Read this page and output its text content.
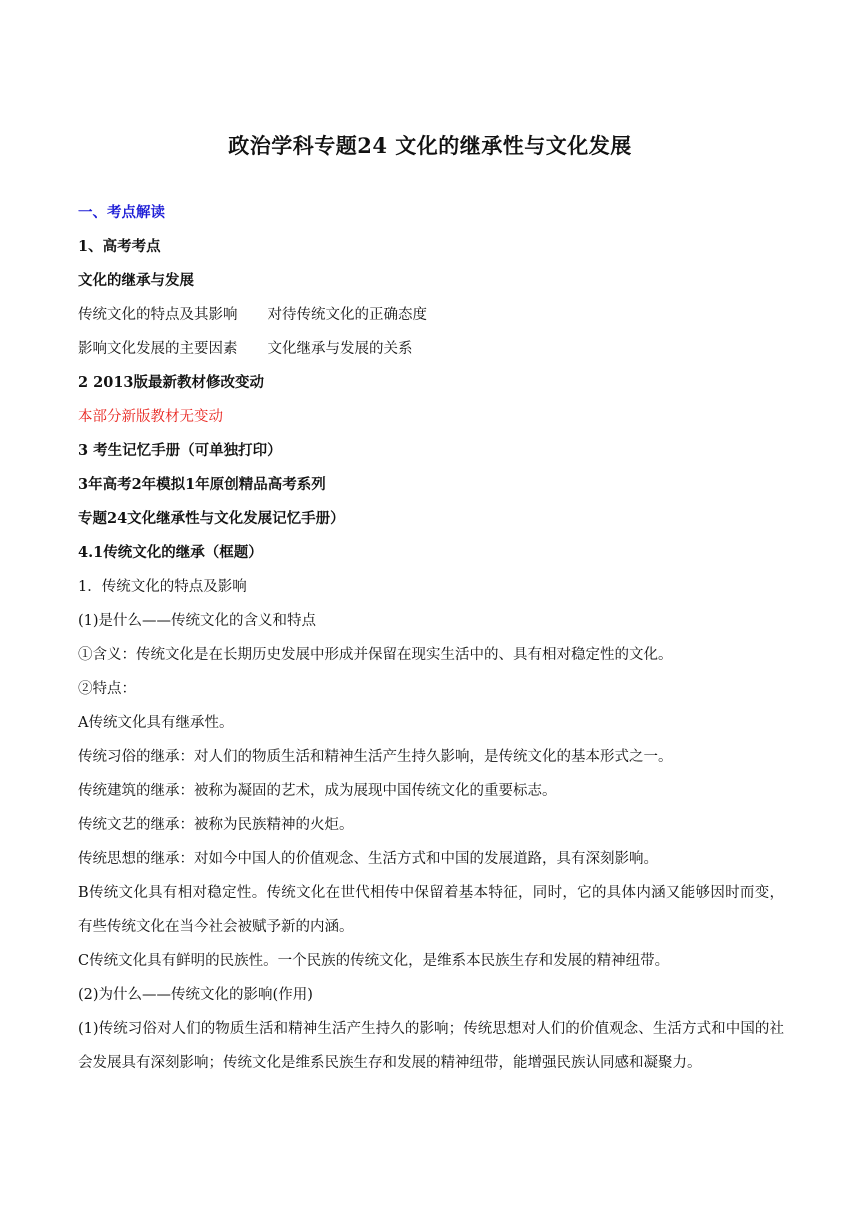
政治学科专题24 文化的继承性与文化发展
一、考点解读
1、高考考点
文化的继承与发展
传统文化的特点及其影响 对待传统文化的正确态度
影响文化发展的主要因素 文化继承与发展的关系
2 2013版最新教材修改变动
本部分新版教材无变动
3 考生记忆手册（可单独打印）
3年高考2年模拟1年原创精品高考系列
专题24文化继承性与文化发展记忆手册）
4.1传统文化的继承（框题）
1．传统文化的特点及影响
(1)是什么——传统文化的含义和特点
①含义：传统文化是在长期历史发展中形成并保留在现实生活中的、具有相对稳定性的文化。
②特点：
A传统文化具有继承性。
传统习俗的继承：对人们的物质生活和精神生活产生持久影响，是传统文化的基本形式之一。
传统建筑的继承：被称为凝固的艺术，成为展现中国传统文化的重要标志。
传统文艺的继承：被称为民族精神的火炬。
传统思想的继承：对如今中国人的价值观念、生活方式和中国的发展道路，具有深刻影响。
B传统文化具有相对稳定性。传统文化在世代相传中保留着基本特征，同时，它的具体内涵又能够因时而变，有些传统文化在当今社会被赋予新的内涵。
C传统文化具有鲜明的民族性。一个民族的传统文化，是维系本民族生存和发展的精神纽带。
(2)为什么——传统文化的影响(作用)
(1)传统习俗对人们的物质生活和精神生活产生持久的影响；传统思想对人们的价值观念、生活方式和中国的社会发展具有深刻影响；传统文化是维系民族生存和发展的精神纽带，能增强民族认同感和凝聚力。
